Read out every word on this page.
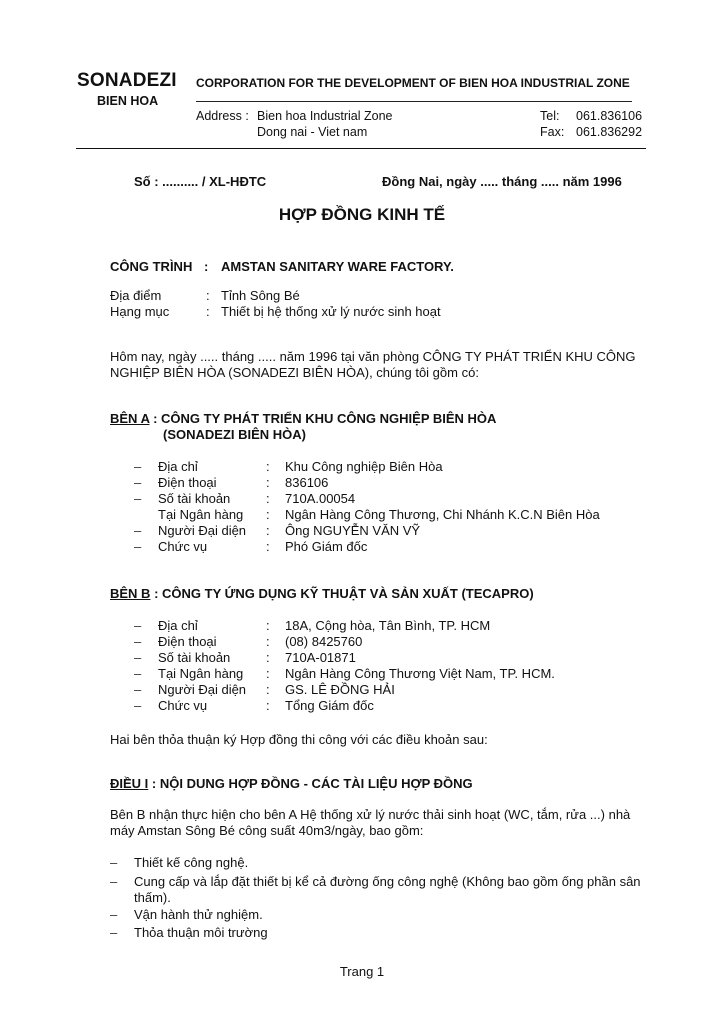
SONADEZI
BIEN HOA
CORPORATION FOR THE DEVELOPMENT OF BIEN HOA INDUSTRIAL ZONE
Address : Bien hoa Industrial Zone
Dong nai - Viet nam
Tel: 061.836106
Fax: 061.836292
Số : .......... / XL-HĐTC	Đồng Nai, ngày ..... tháng ..... năm 1996
HỢP ĐỒNG KINH TẾ
CÔNG TRÌNH : AMSTAN SANITARY WARE FACTORY.
Địa điểm	: Tỉnh Sông Bé
Hạng mục	: Thiết bị hệ thống xử lý nước sinh hoạt
Hôm nay, ngày ..... tháng ..... năm 1996 tại văn phòng CÔNG TY PHÁT TRIỂN KHU CÔNG NGHIỆP BIÊN HÒA (SONADEZI BIÊN HÒA), chúng tôi gồm có:
BÊN A : CÔNG TY PHÁT TRIỂN KHU CÔNG NGHIỆP BIÊN HÒA
(SONADEZI BIÊN HÒA)
– Địa chỉ	: Khu Công nghiệp Biên Hòa
– Điện thoại	: 836106
– Số tài khoản	: 710A.00054
Tại Ngân hàng : Ngân Hàng Công Thương, Chi Nhánh K.C.N Biên Hòa
– Người Đại diện : Ông NGUYỄN VĂN VỸ
– Chức vụ	: Phó Giám đốc
BÊN B : CÔNG TY ỨNG DỤNG KỸ THUẬT VÀ SẢN XUẤT (TECAPRO)
– Địa chỉ	: 18A, Cộng hòa, Tân Bình, TP. HCM
– Điện thoại	: (08) 8425760
– Số tài khoản	: 710A-01871
– Tại Ngân hàng : Ngân Hàng Công Thương Việt Nam, TP. HCM.
– Người Đại diện : GS. LÊ ĐỒNG HẢI
– Chức vụ	: Tổng Giám đốc
Hai bên thỏa thuận ký Hợp đồng thi công với các điều khoản sau:
ĐIỀU I : NỘI DUNG HỢP ĐỒNG - CÁC TÀI LIỆU HỢP ĐỒNG
Bên B nhận thực hiện cho bên A Hệ thống xử lý nước thải sinh hoạt (WC, tắm, rửa ...) nhà máy Amstan Sông Bé công suất 40m3/ngày, bao gồm:
– Thiết kế công nghệ.
– Cung cấp và lắp đặt thiết bị kể cả đường ống công nghệ (Không bao gồm ống phần sân thấm).
– Vận hành thử nghiệm.
– Thỏa thuận môi trường
Trang 1
